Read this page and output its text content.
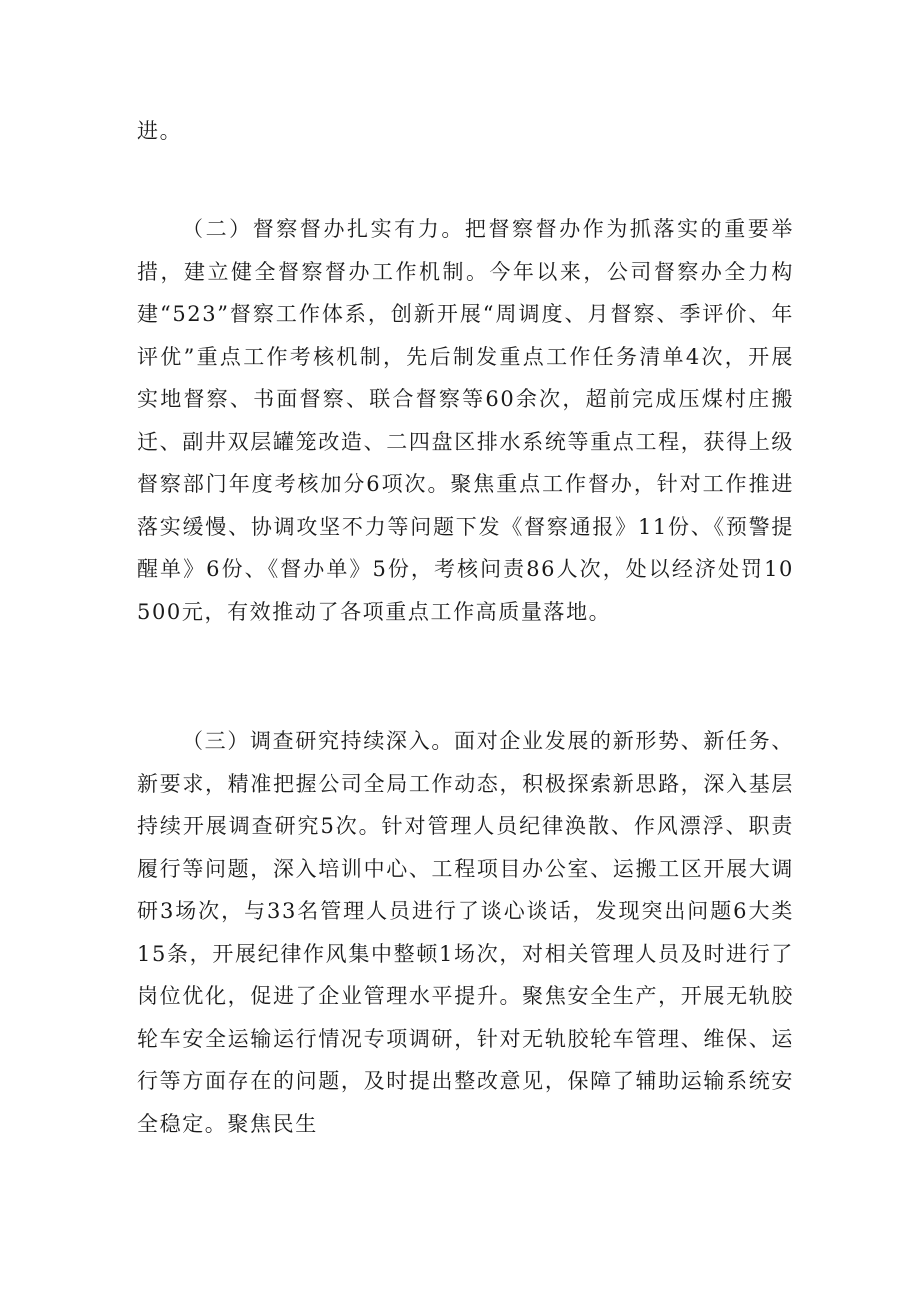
进。

（二）督察督办扎实有力。把督察督办作为抓落实的重要举措，建立健全督察督办工作机制。今年以来，公司督察办全力构建“523”督察工作体系，创新开展“周调度、月督察、季评价、年评优”重点工作考核机制，先后制发重点工作任务清单4次，开展实地督察、书面督察、联合督察等60余次，超前完成压煤村庄搬迁、副井双层罐笼改造、二四盘区排水系统等重点工程，获得上级督察部门年度考核加分6项次。聚焦重点工作督办，针对工作推进落实缓慢、协调攻坚不力等问题下发《督察通报》11份、《预警提醒单》6份、《督办单》5份，考核问责86人次，处以经济处罚10500元，有效推动了各项重点工作高质量落地。

（三）调查研究持续深入。面对企业发展的新形势、新任务、新要求，精准把握公司全局工作动态，积极探索新思路，深入基层持续开展调查研究5次。针对管理人员纪律涣散、作风漂浮、职责履行等问题，深入培训中心、工程项目办公室、运搬工区开展大调研3场次，与33名管理人员进行了谈心谈话，发现突出问题6大类15条，开展纪律作风集中整顿1场次，对相关管理人员及时进行了岗位优化，促进了企业管理水平提升。聚焦安全生产，开展无轨胶轮车安全运输运行情况专项调研，针对无轨胶轮车管理、维保、运行等方面存在的问题，及时提出整改意见，保障了辅助运输系统安全稳定。聚焦民生
